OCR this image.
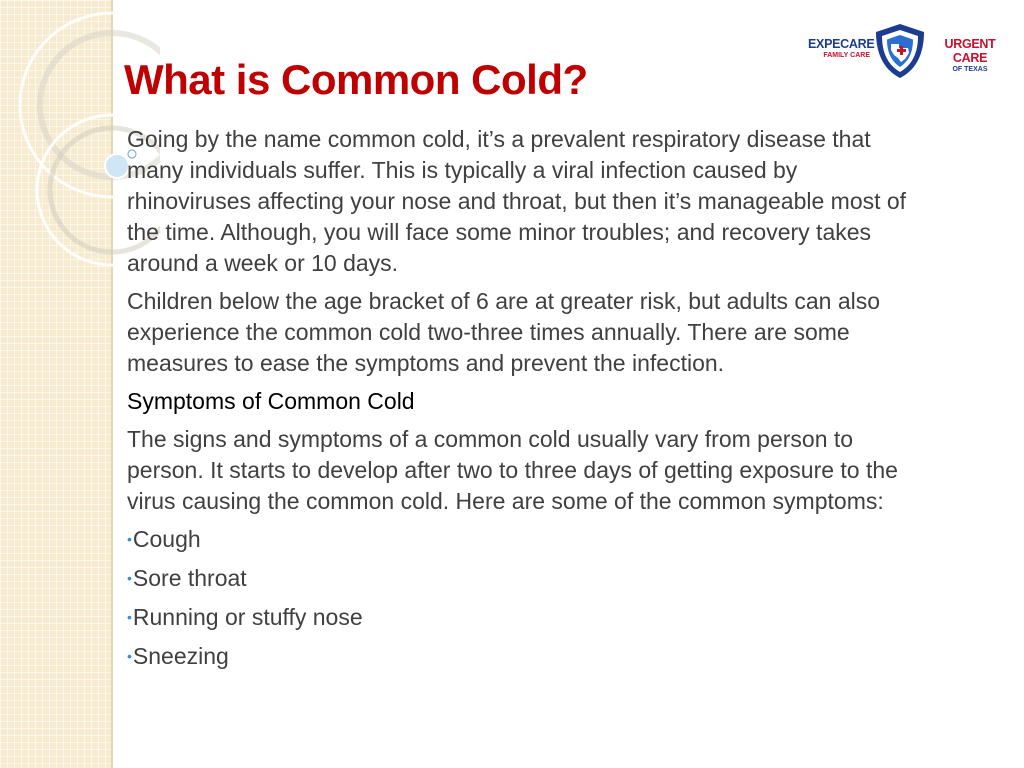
What is Common Cold?
EXPECARE
FAMILY CARE
URGENT CARE
OF TEXAS

Going by the name common cold, it’s a prevalent respiratory disease that many individuals suffer. This is typically a viral infection caused by rhinoviruses affecting your nose and throat, but then it’s manageable most of the time. Although, you will face some minor troubles; and recovery takes around a week or 10 days.

Children below the age bracket of 6 are at greater risk, but adults can also experience the common cold two-three times annually. There are some measures to ease the symptoms and prevent the infection.

Symptoms of Common Cold

The signs and symptoms of a common cold usually vary from person to person. It starts to develop after two to three days of getting exposure to the virus causing the common cold. Here are some of the common symptoms:

•Cough
•Sore throat
•Running or stuffy nose
•Sneezing
